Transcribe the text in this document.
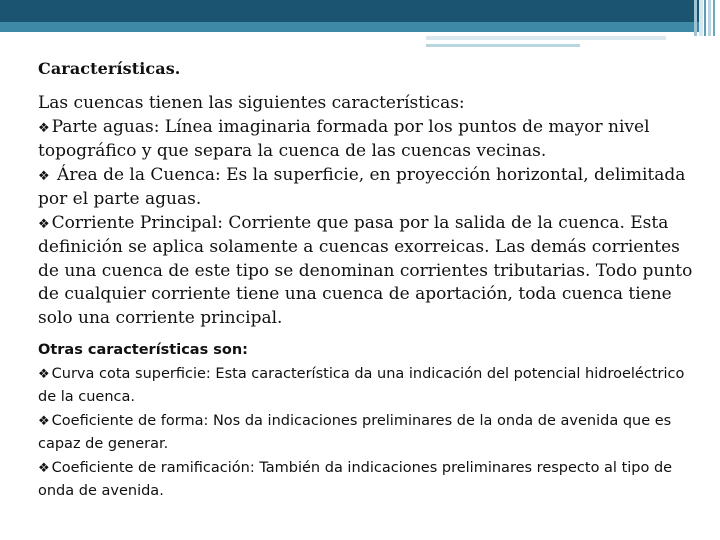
Características.

Las cuencas tienen las siguientes características:

❖ Parte aguas: Línea imaginaria formada por los puntos de mayor nivel topográfico y que separa la cuenca de las cuencas vecinas.

❖ Área de la Cuenca: Es la superficie, en proyección horizontal, delimitada por el parte aguas.

❖ Corriente Principal: Corriente que pasa por la salida de la cuenca. Esta definición se aplica solamente a cuencas exorreicas. Las demás corrientes de una cuenca de este tipo se denominan corrientes tributarias. Todo punto de cualquier corriente tiene una cuenca de aportación, toda cuenca tiene solo una corriente principal.

Otras características son:

❖ Curva cota superficie: Esta característica da una indicación del potencial hidroeléctrico de la cuenca.

❖ Coeficiente de forma: Nos da indicaciones preliminares de la onda de avenida que es capaz de generar.

❖ Coeficiente de ramificación: También da indicaciones preliminares respecto al tipo de onda de avenida.
